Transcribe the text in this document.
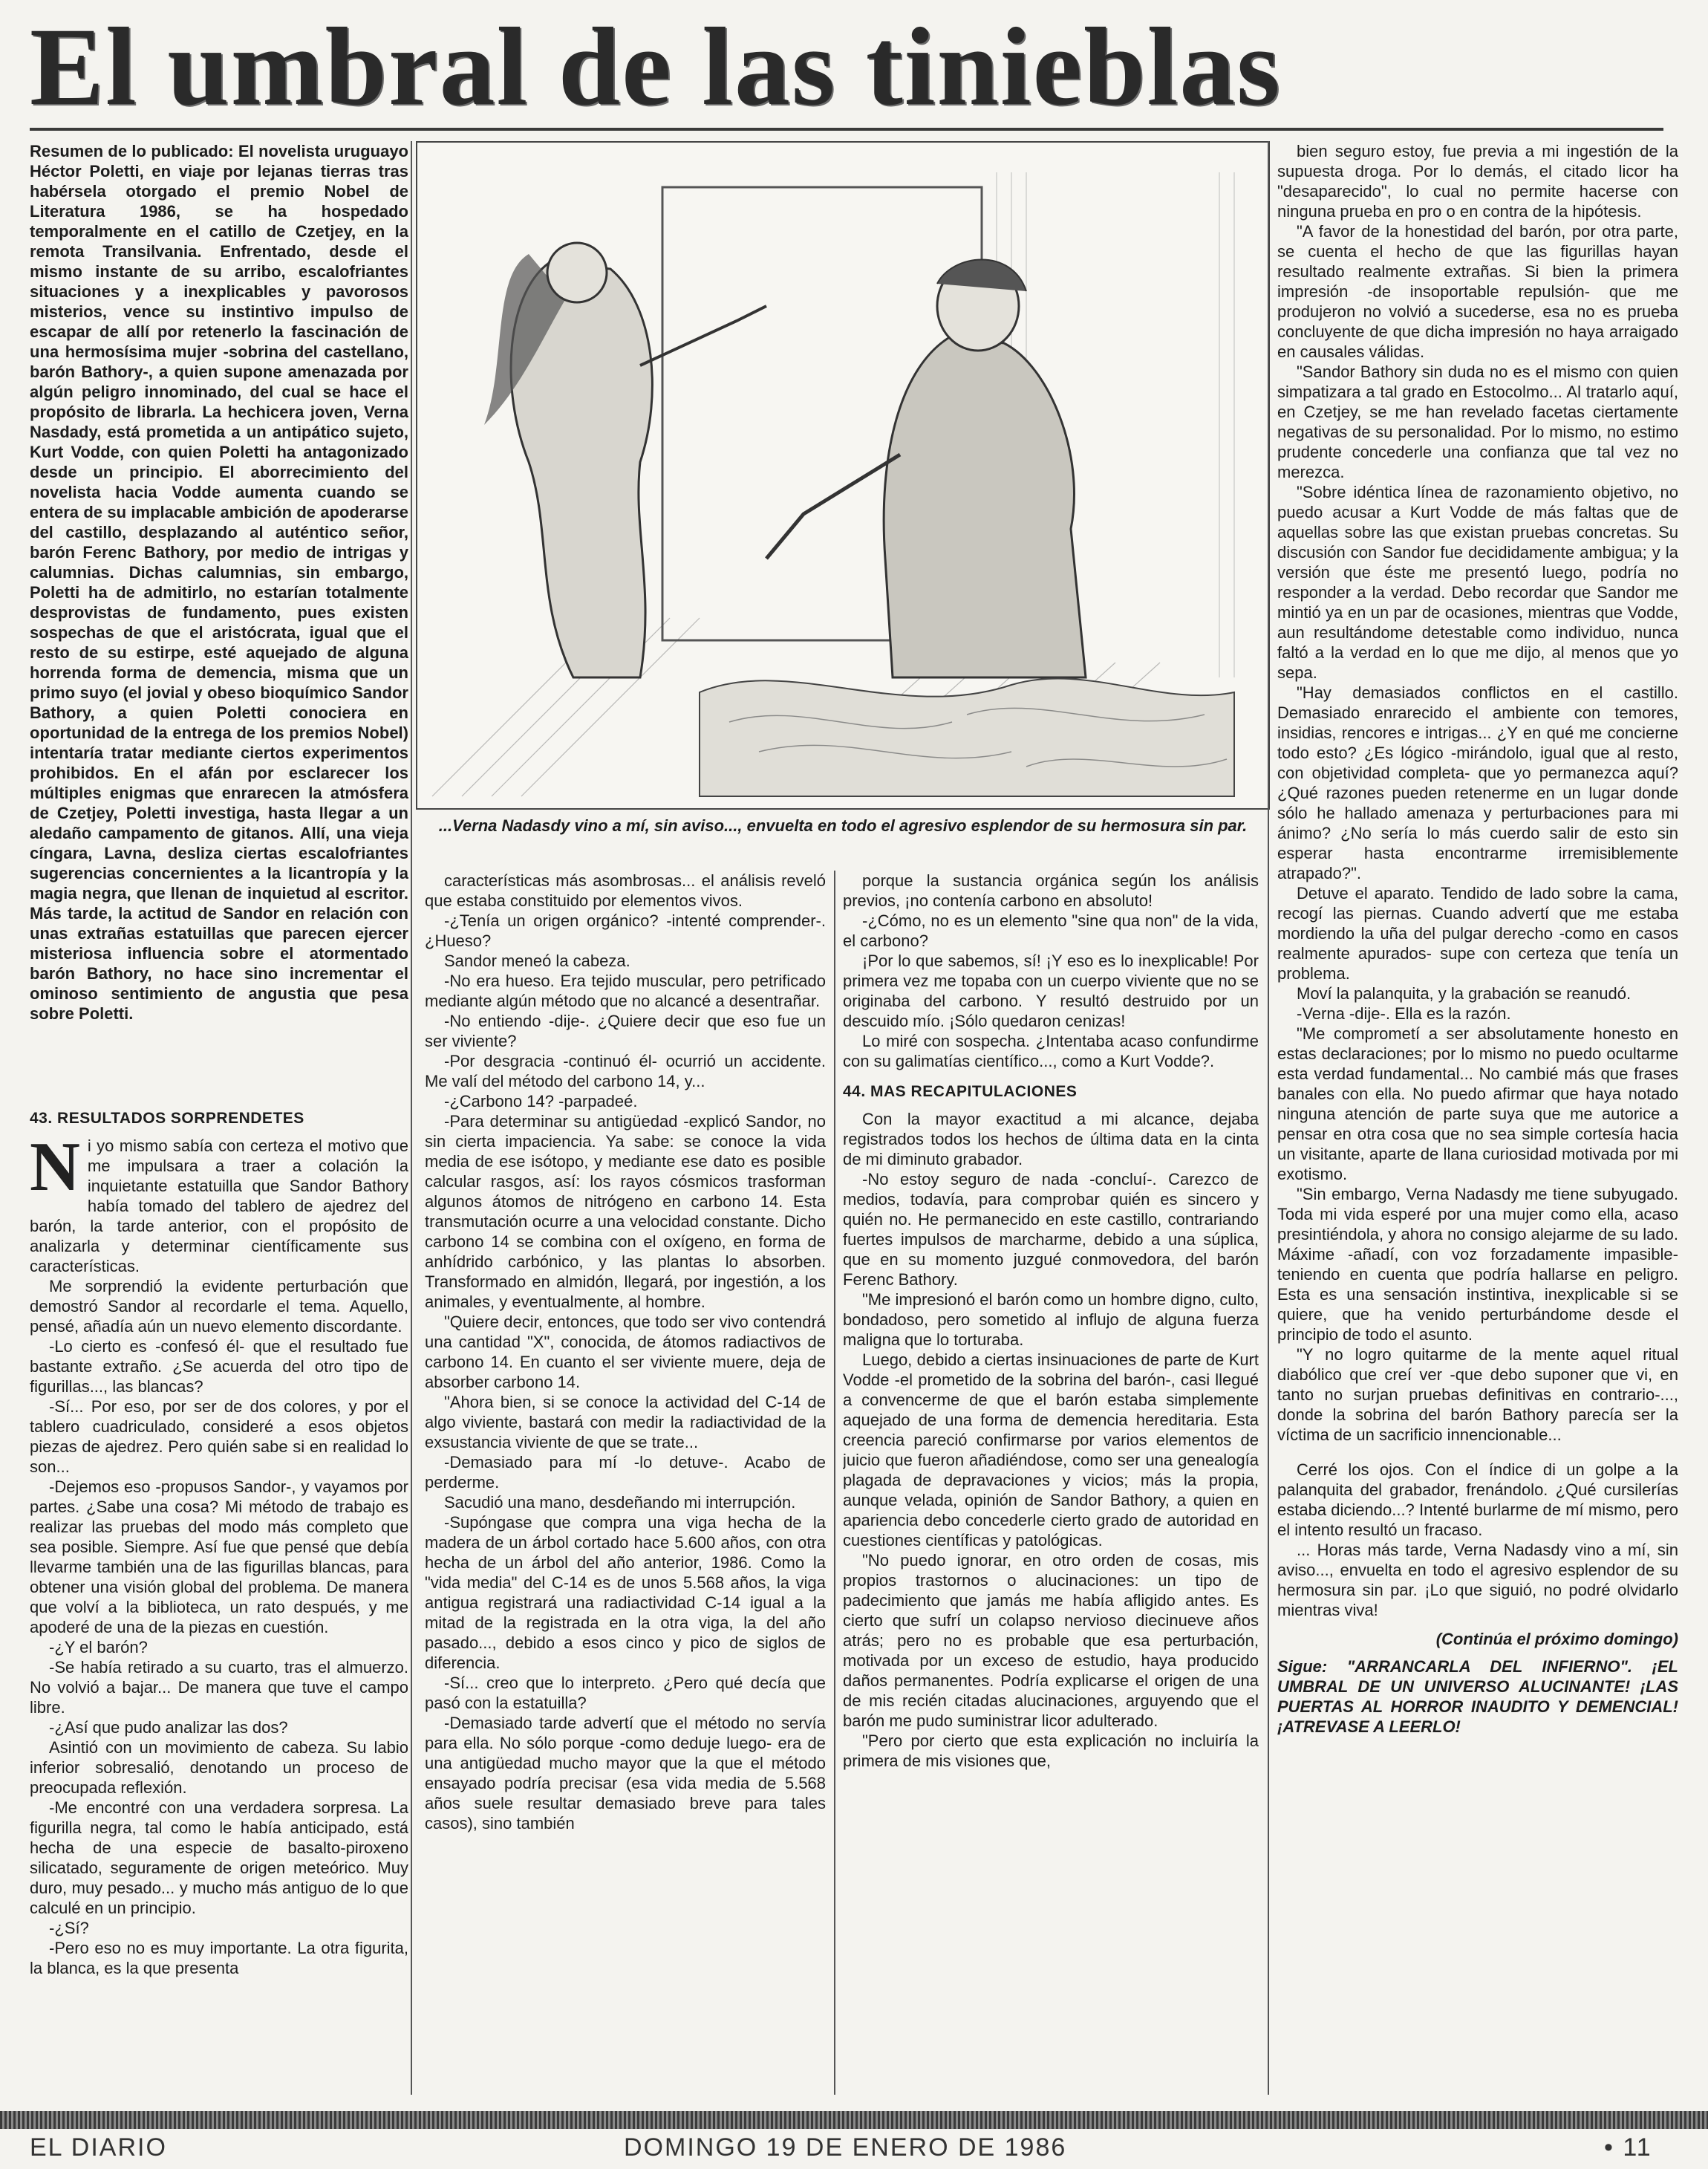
El umbral de las tinieblas

Resumen de lo publicado: El novelista uruguayo Héctor Poletti, en viaje por lejanas tierras tras habérsela otorgado el premio Nobel de Literatura 1986, se ha hospedado temporalmente en el catillo de Czetjey, en la remota Transilvania. Enfrentado, desde el mismo instante de su arribo, escalofriantes situaciones y a inexplicables y pavorosos misterios, vence su instintivo impulso de escapar de allí por retenerlo la fascinación de una hermosísima mujer -sobrina del castellano, barón Bathory-, a quien supone amenazada por algún peligro innominado, del cual se hace el propósito de librarla. La hechicera joven, Verna Nasdady, está prometida a un antipático sujeto, Kurt Vodde, con quien Poletti ha antagonizado desde un principio. El aborrecimiento del novelista hacia Vodde aumenta cuando se entera de su implacable ambición de apoderarse del castillo, desplazando al auténtico señor, barón Ferenc Bathory, por medio de intrigas y calumnias. Dichas calumnias, sin embargo, Poletti ha de admitirlo, no estarían totalmente desprovistas de fundamento, pues existen sospechas de que el aristócrata, igual que el resto de su estirpe, esté aquejado de alguna horrenda forma de demencia, misma que un primo suyo (el jovial y obeso bioquímico Sandor Bathory, a quien Poletti conociera en oportunidad de la entrega de los premios Nobel) intentaría tratar mediante ciertos experimentos prohibidos. En el afán por esclarecer los múltiples enigmas que enrarecen la atmósfera de Czetjey, Poletti investiga, hasta llegar a un aledaño campamento de gitanos. Allí, una vieja cíngara, Lavna, desliza ciertas escalofriantes sugerencias concernientes a la licantropía y la magia negra, que llenan de inquietud al escritor. Más tarde, la actitud de Sandor en relación con unas extrañas estatuillas que parecen ejercer misteriosa influencia sobre el atormentado barón Bathory, no hace sino incrementar el ominoso sentimiento de angustia que pesa sobre Poletti.

43. RESULTADOS SORPRENDETES

Ni yo mismo sabía con certeza el motivo que me impulsara a traer a colación la inquietante estatuilla que Sandor Bathory había tomado del tablero de ajedrez del barón, la tarde anterior, con el propósito de analizarla y determinar científicamente sus características.

Me sorprendió la evidente perturbación que demostró Sandor al recordarle el tema. Aquello, pensé, añadía aún un nuevo elemento discordante.

-Lo cierto es -confesó él- que el resultado fue bastante extraño. ¿Se acuerda del otro tipo de figurillas..., las blancas?

-Sí... Por eso, por ser de dos colores, y por el tablero cuadriculado, consideré a esos objetos piezas de ajedrez. Pero quién sabe si en realidad lo son...

-Dejemos eso -propusos Sandor-, y vayamos por partes. ¿Sabe una cosa? Mi método de trabajo es realizar las pruebas del modo más completo que sea posible. Siempre. Así fue que pensé que debía llevarme también una de las figurillas blancas, para obtener una visión global del problema. De manera que volví a la biblioteca, un rato después, y me apoderé de una de la piezas en cuestión.

-¿Y el barón?

-Se había retirado a su cuarto, tras el almuerzo. No volvió a bajar... De manera que tuve el campo libre.

-¿Así que pudo analizar las dos?

Asintió con un movimiento de cabeza. Su labio inferior sobresalió, denotando un proceso de preocupada reflexión.

-Me encontré con una verdadera sorpresa. La figurilla negra, tal como le había anticipado, está hecha de una especie de basalto-piroxeno silicatado, seguramente de origen meteórico. Muy duro, muy pesado... y mucho más antiguo de lo que calculé en un principio.

-¿Sí?

-Pero eso no es muy importante. La otra figurita, la blanca, es la que presenta

...Verna Nadasdy vino a mí, sin aviso..., envuelta en todo el agresivo esplendor de su hermosura sin par.

características más asombrosas... el análisis reveló que estaba constituido por elementos vivos.

-¿Tenía un origen orgánico? -intenté comprender-. ¿Hueso?

Sandor meneó la cabeza.

-No era hueso. Era tejido muscular, pero petrificado mediante algún método que no alcancé a desentrañar.

-No entiendo -dije-. ¿Quiere decir que eso fue un ser viviente?

-Por desgracia -continuó él- ocurrió un accidente. Me valí del método del carbono 14, y...

-¿Carbono 14? -parpadeé.

-Para determinar su antigüedad -explicó Sandor, no sin cierta impaciencia. Ya sabe: se conoce la vida media de ese isótopo, y mediante ese dato es posible calcular rasgos, así: los rayos cósmicos trasforman algunos átomos de nitrógeno en carbono 14. Esta transmutación ocurre a una velocidad constante. Dicho carbono 14 se combina con el oxígeno, en forma de anhídrido carbónico, y las plantas lo absorben. Transformado en almidón, llegará, por ingestión, a los animales, y eventualmente, al hombre.

"Quiere decir, entonces, que todo ser vivo contendrá una cantidad "X", conocida, de átomos radiactivos de carbono 14. En cuanto el ser viviente muere, deja de absorber carbono 14.

"Ahora bien, si se conoce la actividad del C-14 de algo viviente, bastará con medir la radiactividad de la exsustancia viviente de que se trate...

-Demasiado para mí -lo detuve-. Acabo de perderme.

Sacudió una mano, desdeñando mi interrupción.

-Supóngase que compra una viga hecha de la madera de un árbol cortado hace 5.600 años, con otra hecha de un árbol del año anterior, 1986. Como la "vida media" del C-14 es de unos 5.568 años, la viga antigua registrará una radiactividad C-14 igual a la mitad de la registrada en la otra viga, la del año pasado..., debido a esos cinco y pico de siglos de diferencia.

-Sí... creo que lo interpreto. ¿Pero qué decía que pasó con la estatuilla?

-Demasiado tarde advertí que el método no servía para ella. No sólo porque -como deduje luego- era de una antigüedad mucho mayor que la que el método ensayado podría precisar (esa vida media de 5.568 años suele resultar demasiado breve para tales casos), sino también

porque la sustancia orgánica según los análisis previos, ¡no contenía carbono en absoluto!

-¿Cómo, no es un elemento "sine qua non" de la vida, el carbono?

¡Por lo que sabemos, sí! ¡Y eso es lo inexplicable! Por primera vez me topaba con un cuerpo viviente que no se originaba del carbono. Y resultó destruido por un descuido mío. ¡Sólo quedaron cenizas!

Lo miré con sospecha. ¿Intentaba acaso confundirme con su galimatías científico..., como a Kurt Vodde?.

44. MAS RECAPITULACIONES

Con la mayor exactitud a mi alcance, dejaba registrados todos los hechos de última data en la cinta de mi diminuto grabador.

-No estoy seguro de nada -concluí-. Carezco de medios, todavía, para comprobar quién es sincero y quién no. He permanecido en este castillo, contrariando fuertes impulsos de marcharme, debido a una súplica, que en su momento juzgué conmovedora, del barón Ferenc Bathory.

"Me impresionó el barón como un hombre digno, culto, bondadoso, pero sometido al influjo de alguna fuerza maligna que lo torturaba.

Luego, debido a ciertas insinuaciones de parte de Kurt Vodde -el prometido de la sobrina del barón-, casi llegué a convencerme de que el barón estaba simplemente aquejado de una forma de demencia hereditaria. Esta creencia pareció confirmarse por varios elementos de juicio que fueron añadiéndose, como ser una genealogía plagada de depravaciones y vicios; más la propia, aunque velada, opinión de Sandor Bathory, a quien en apariencia debo concederle cierto grado de autoridad en cuestiones científicas y patológicas.

"No puedo ignorar, en otro orden de cosas, mis propios trastornos o alucinaciones: un tipo de padecimiento que jamás me había afligido antes. Es cierto que sufrí un colapso nervioso diecinueve años atrás; pero no es probable que esa perturbación, motivada por un exceso de estudio, haya producido daños permanentes. Podría explicarse el origen de una de mis recién citadas alucinaciones, arguyendo que el barón me pudo suministrar licor adulterado.

"Pero por cierto que esta explicación no incluiría la primera de mis visiones que,

bien seguro estoy, fue previa a mi ingestión de la supuesta droga. Por lo demás, el citado licor ha "desaparecido", lo cual no permite hacerse con ninguna prueba en pro o en contra de la hipótesis.

"A favor de la honestidad del barón, por otra parte, se cuenta el hecho de que las figurillas hayan resultado realmente extrañas. Si bien la primera impresión -de insoportable repulsión- que me produjeron no volvió a sucederse, esa no es prueba concluyente de que dicha impresión no haya arraigado en causales válidas.

"Sandor Bathory sin duda no es el mismo con quien simpatizara a tal grado en Estocolmo... Al tratarlo aquí, en Czetjey, se me han revelado facetas ciertamente negativas de su personalidad. Por lo mismo, no estimo prudente concederle una confianza que tal vez no merezca.

"Sobre idéntica línea de razonamiento objetivo, no puedo acusar a Kurt Vodde de más faltas que de aquellas sobre las que existan pruebas concretas. Su discusión con Sandor fue decididamente ambigua; y la versión que éste me presentó luego, podría no responder a la verdad. Debo recordar que Sandor me mintió ya en un par de ocasiones, mientras que Vodde, aun resultándome detestable como individuo, nunca faltó a la verdad en lo que me dijo, al menos que yo sepa.

"Hay demasiados conflictos en el castillo. Demasiado enrarecido el ambiente con temores, insidias, rencores e intrigas... ¿Y en qué me concierne todo esto? ¿Es lógico -mirándolo, igual que al resto, con objetividad completa- que yo permanezca aquí? ¿Qué razones pueden retenerme en un lugar donde sólo he hallado amenaza y perturbaciones para mi ánimo? ¿No sería lo más cuerdo salir de esto sin esperar hasta encontrarme irremisiblemente atrapado?".

Detuve el aparato. Tendido de lado sobre la cama, recogí las piernas. Cuando advertí que me estaba mordiendo la uña del pulgar derecho -como en casos realmente apurados- supe con certeza que tenía un problema.

Moví la palanquita, y la grabación se reanudó.

-Verna -dije-. Ella es la razón.

"Me comprometí a ser absolutamente honesto en estas declaraciones; por lo mismo no puedo ocultarme esta verdad fundamental... No cambié más que frases banales con ella. No puedo afirmar que haya notado ninguna atención de parte suya que me autorice a pensar en otra cosa que no sea simple cortesía hacia un visitante, aparte de llana curiosidad motivada por mi exotismo.

"Sin embargo, Verna Nadasdy me tiene subyugado. Toda mi vida esperé por una mujer como ella, acaso presintiéndola, y ahora no consigo alejarme de su lado. Máxime -añadí, con voz forzadamente impasible- teniendo en cuenta que podría hallarse en peligro. Esta es una sensación instintiva, inexplicable si se quiere, que ha venido perturbándome desde el principio de todo el asunto.

"Y no logro quitarme de la mente aquel ritual diabólico que creí ver -que debo suponer que vi, en tanto no surjan pruebas definitivas en contrario-..., donde la sobrina del barón Bathory parecía ser la víctima de un sacrificio innencionable...

Cerré los ojos. Con el índice di un golpe a la palanquita del grabador, frenándolo. ¿Qué cursilerías estaba diciendo...? Intenté burlarme de mí mismo, pero el intento resultó un fracaso.

... Horas más tarde, Verna Nadasdy vino a mí, sin aviso..., envuelta en todo el agresivo esplendor de su hermosura sin par. ¡Lo que siguió, no podré olvidarlo mientras viva!

(Continúa el próximo domingo)
Sigue: "ARRANCARLA DEL INFIERNO". ¡EL UMBRAL DE UN UNIVERSO ALUCINANTE! ¡LAS PUERTAS AL HORROR INAUDITO Y DEMENCIAL! ¡ATREVASE A LEERLO!
EL DIARIO	DOMINGO 19 DE ENERO DE 1986	• 11
